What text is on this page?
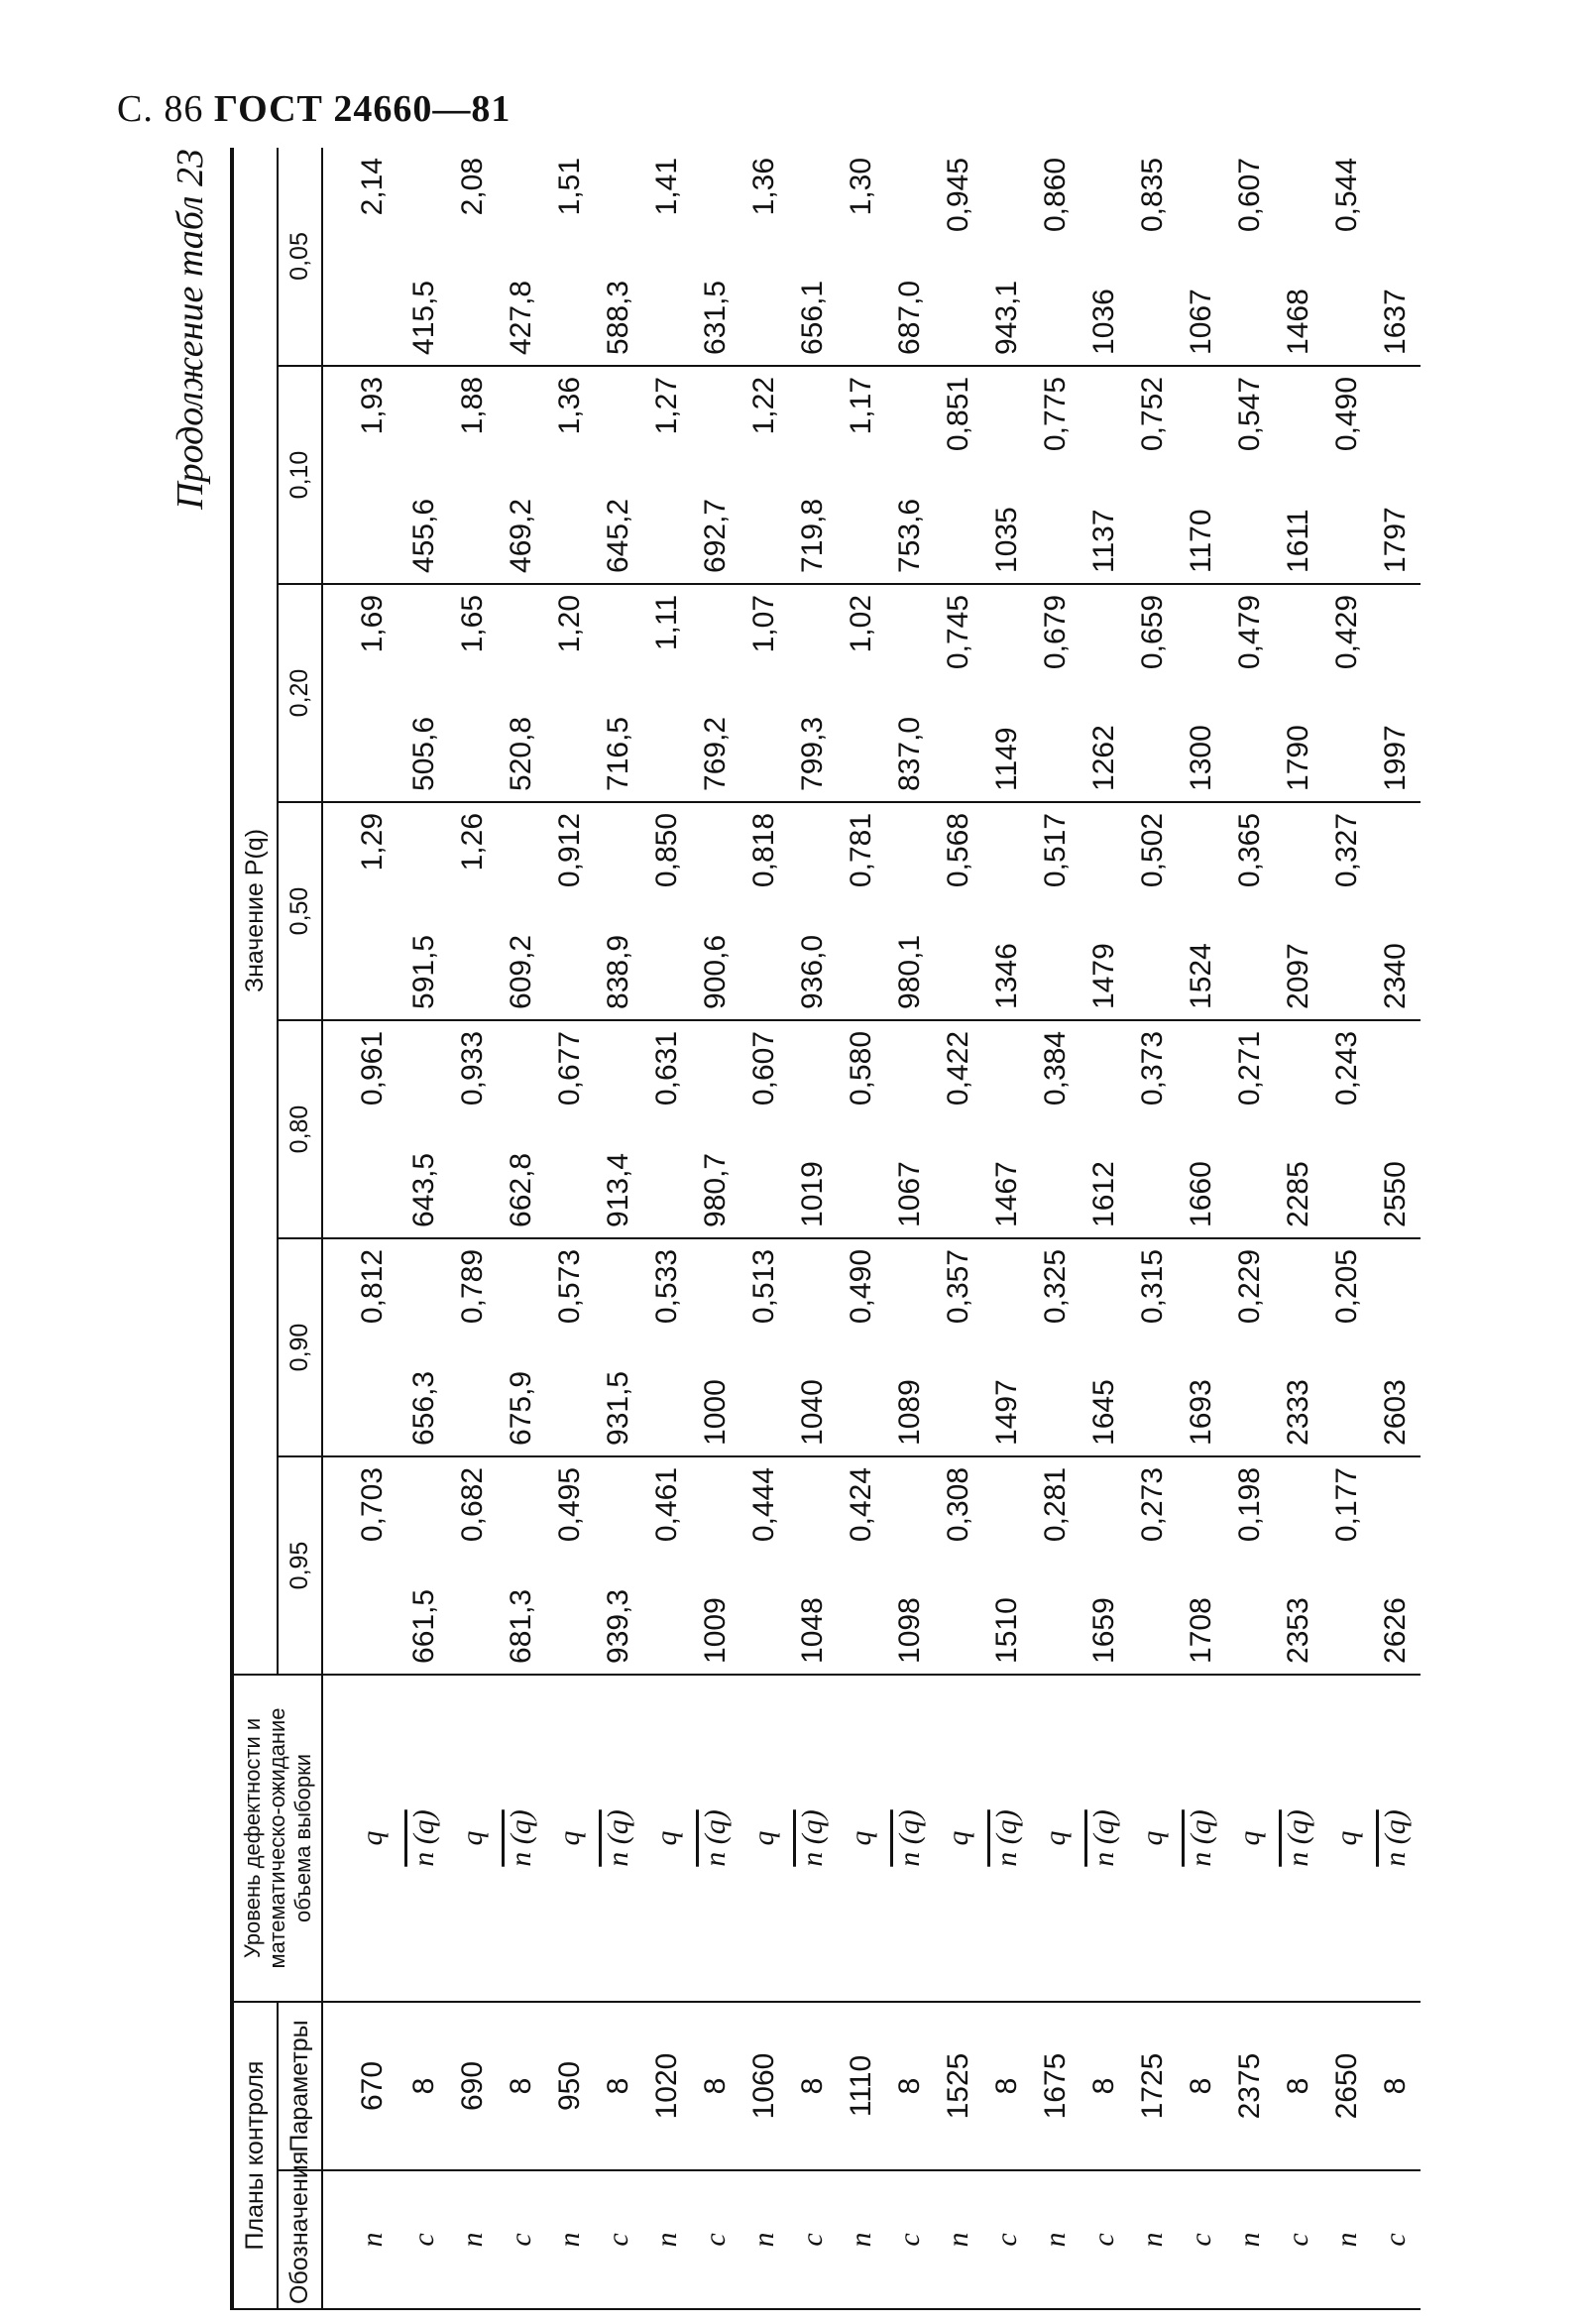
С. 86 ГОСТ 24660—81
Продолжение табл 23
Планы контроля		Уровень дефектности и математическо-ожидание объема выборки	Значение P(q)						
Обозначения	Параметры		0,95	0,90	0,80	0,50	0,20	0,10	0,05
n	670	q	0,703	0,812	0,961	1,29	1,69	1,93	2,14
c	8	n (q)	661,5	656,3	643,5	591,5	505,6	455,6	415,5
n	690	q	0,682	0,789	0,933	1,26	1,65	1,88	2,08
c	8	n (q)	681,3	675,9	662,8	609,2	520,8	469,2	427,8
n	950	q	0,495	0,573	0,677	0,912	1,20	1,36	1,51
c	8	n (q)	939,3	931,5	913,4	838,9	716,5	645,2	588,3
n	1020	q	0,461	0,533	0,631	0,850	1,11	1,27	1,41
c	8	n (q)	1009	1000	980,7	900,6	769,2	692,7	631,5
n	1060	q	0,444	0,513	0,607	0,818	1,07	1,22	1,36
c	8	n (q)	1048	1040	1019	936,0	799,3	719,8	656,1
n	1110	q	0,424	0,490	0,580	0,781	1,02	1,17	1,30
c	8	n (q)	1098	1089	1067	980,1	837,0	753,6	687,0
n	1525	q	0,308	0,357	0,422	0,568	0,745	0,851	0,945
c	8	n (q)	1510	1497	1467	1346	1149	1035	943,1
n	1675	q	0,281	0,325	0,384	0,517	0,679	0,775	0,860
c	8	n (q)	1659	1645	1612	1479	1262	1137	1036
n	1725	q	0,273	0,315	0,373	0,502	0,659	0,752	0,835
c	8	n (q)	1708	1693	1660	1524	1300	1170	1067
n	2375	q	0,198	0,229	0,271	0,365	0,479	0,547	0,607
c	8	n (q)	2353	2333	2285	2097	1790	1611	1468
n	2650	q	0,177	0,205	0,243	0,327	0,429	0,490	0,544
c	8	n (q)	2626	2603	2550	2340	1997	1797	1637
